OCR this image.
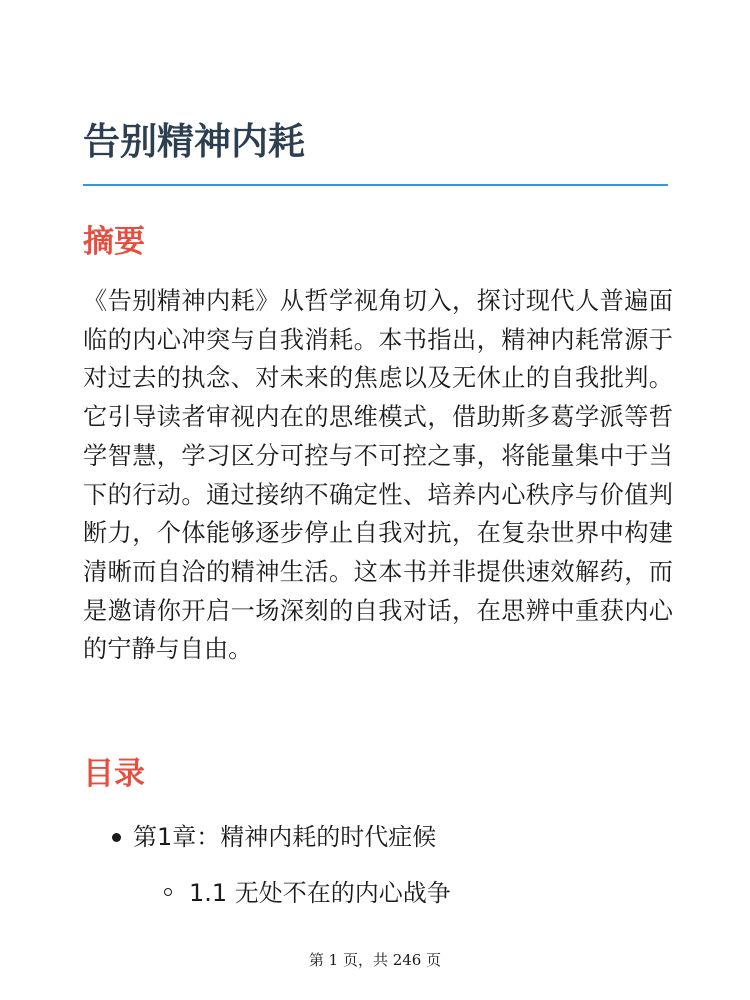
告别精神内耗
摘要

《告别精神内耗》从哲学视角切入，探讨现代人普遍面临的内心冲突与自我消耗。本书指出，精神内耗常源于对过去的执念、对未来的焦虑以及无休止的自我批判。它引导读者审视内在的思维模式，借助斯多葛学派等哲学智慧，学习区分可控与不可控之事，将能量集中于当下的行动。通过接纳不确定性、培养内心秩序与价值判断力，个体能够逐步停止自我对抗，在复杂世界中构建清晰而自洽的精神生活。这本书并非提供速效解药，而是邀请你开启一场深刻的自我对话，在思辨中重获内心的宁静与自由。

目录
第1章：精神内耗的时代症候
1.1 无处不在的内心战争
第 1 页，共 246 页
